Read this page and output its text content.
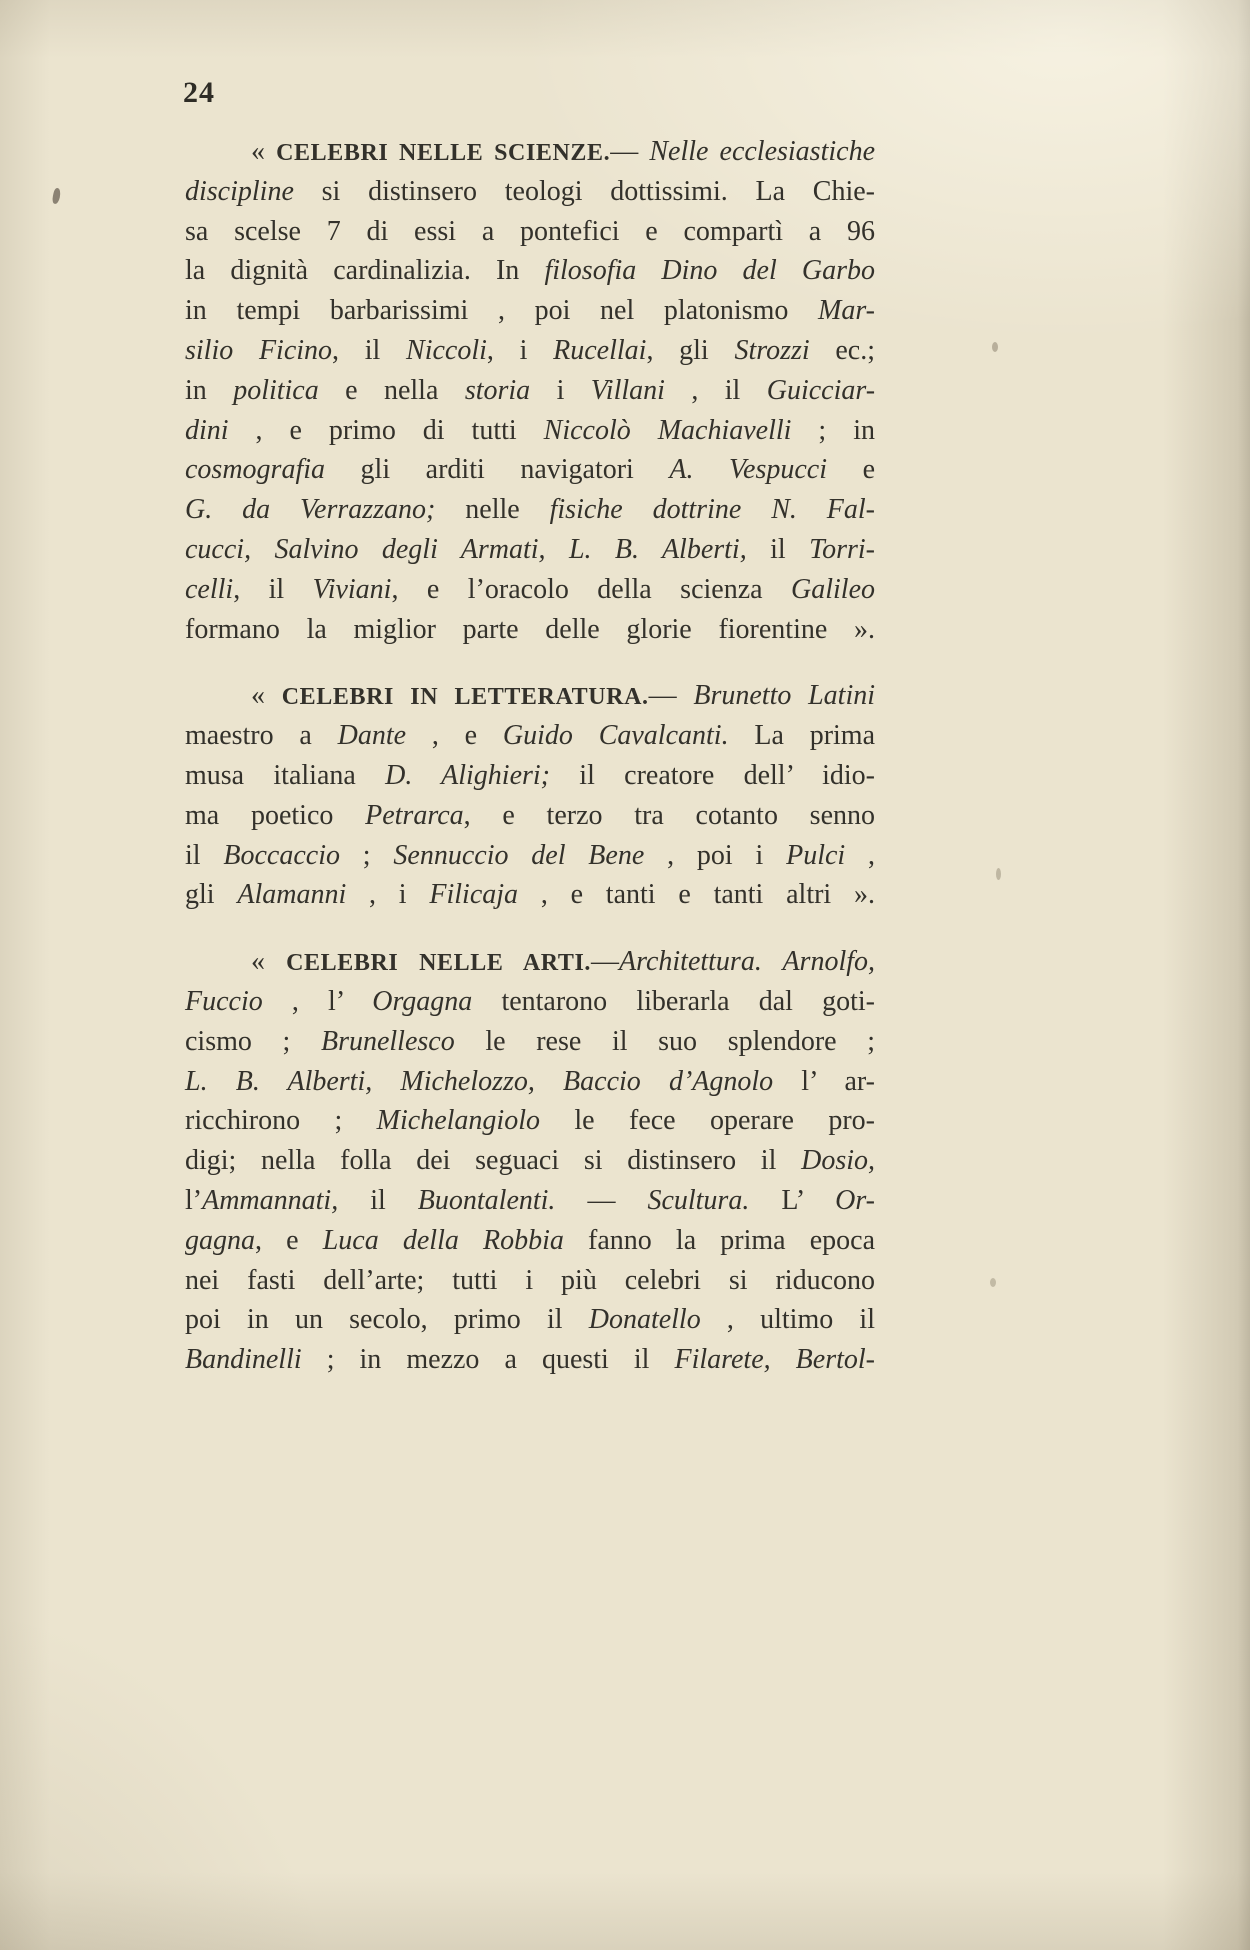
24
« CELEBRI NELLE SCIENZE.— Nelle ecclesiastiche
discipline si distinsero teologi dottissimi. La Chie-
sa scelse 7 di essi a pontefici e compartì a 96
la dignità cardinalizia. In filosofia Dino del Garbo
in tempi barbarissimi , poi nel platonismo Mar-
silio Ficino, il Niccoli, i Rucellai, gli Strozzi ec.;
in politica e nella storia i Villani , il Guicciar-
dini , e primo di tutti Niccolò Machiavelli ; in
cosmografia gli arditi navigatori A. Vespucci e
G. da Verrazzano; nelle fisiche dottrine N. Fal-
cucci, Salvino degli Armati, L. B. Alberti, il Torri-
celli, il Viviani, e l’oracolo della scienza Galileo
formano la miglior parte delle glorie fiorentine ».
« CELEBRI IN LETTERATURA.— Brunetto Latini
maestro a Dante , e Guido Cavalcanti. La prima
musa italiana D. Alighieri; il creatore dell’ idio-
ma poetico Petrarca, e terzo tra cotanto senno
il Boccaccio ; Sennuccio del Bene , poi i Pulci ,
gli Alamanni , i Filicaja , e tanti e tanti altri ».
« CELEBRI NELLE ARTI.—Architettura. Arnolfo,
Fuccio , l’ Orgagna tentarono liberarla dal goti-
cismo ; Brunellesco le rese il suo splendore ;
L. B. Alberti, Michelozzo, Baccio d’Agnolo l’ ar-
ricchirono ; Michelangiolo le fece operare pro-
digi; nella folla dei seguaci si distinsero il Dosio,
l’Ammannati, il Buontalenti. — Scultura. L’ Or-
gagna, e Luca della Robbia fanno la prima epoca
nei fasti dell’arte; tutti i più celebri si riducono
poi in un secolo, primo il Donatello , ultimo il
Bandinelli ; in mezzo a questi il Filarete, Bertol-
